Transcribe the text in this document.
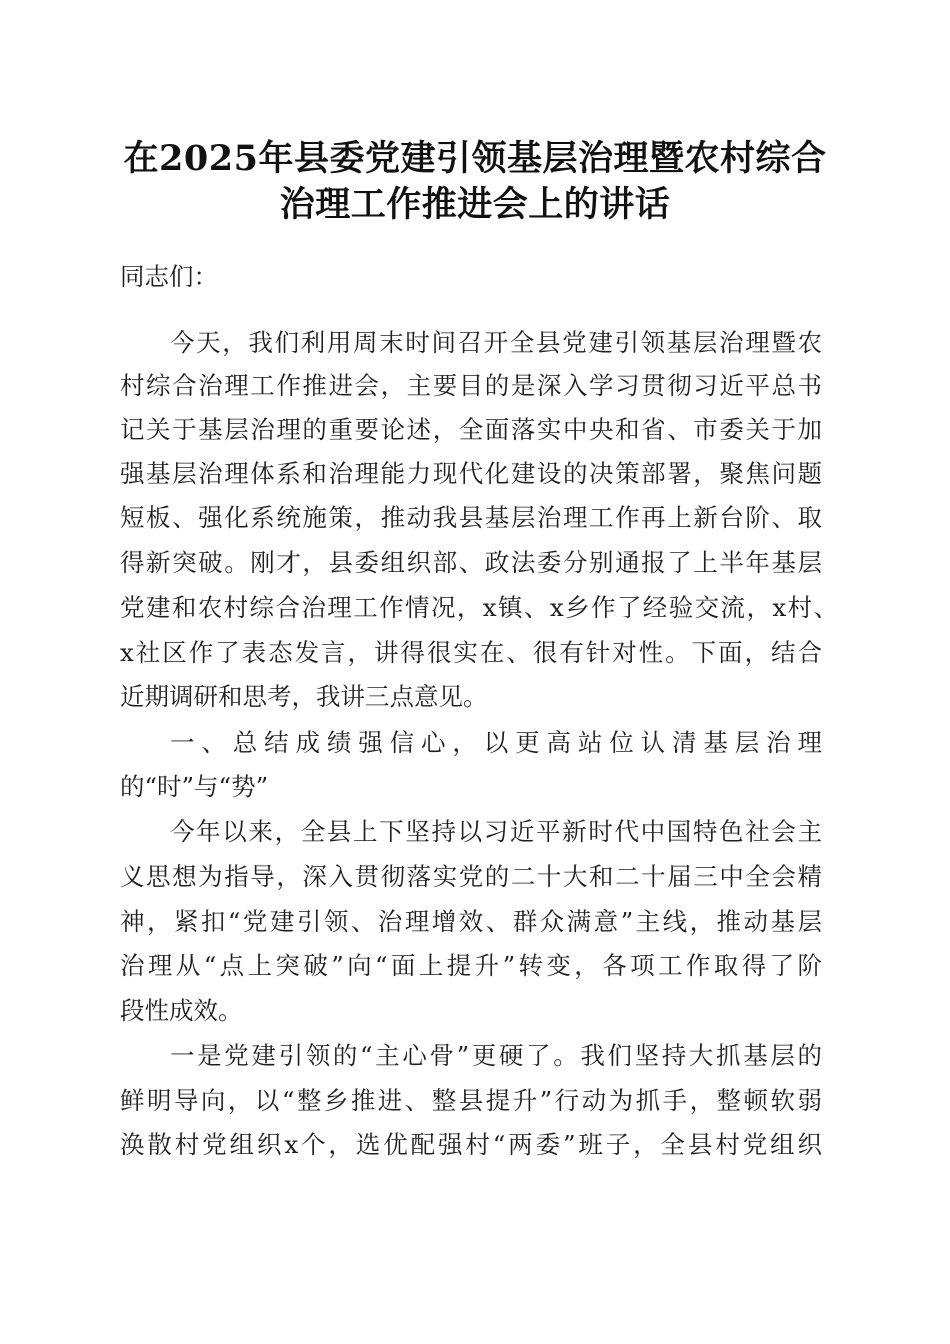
在2025年县委党建引领基层治理暨农村综合
治理工作推进会上的讲话
同志们：
今天，我们利用周末时间召开全县党建引领基层治理暨农
村综合治理工作推进会，主要目的是深入学习贯彻习近平总书
记关于基层治理的重要论述，全面落实中央和省、市委关于加
强基层治理体系和治理能力现代化建设的决策部署，聚焦问题
短板、强化系统施策，推动我县基层治理工作再上新台阶、取
得新突破。刚才，县委组织部、政法委分别通报了上半年基层
党建和农村综合治理工作情况，x镇、x乡作了经验交流，x村、
x社区作了表态发言，讲得很实在、很有针对性。下面，结合
近期调研和思考，我讲三点意见。
一、总结成绩强信心，以更高站位认清基层治理
的“时”与“势”
今年以来，全县上下坚持以习近平新时代中国特色社会主
义思想为指导，深入贯彻落实党的二十大和二十届三中全会精
神，紧扣“党建引领、治理增效、群众满意”主线，推动基层
治理从“点上突破”向“面上提升”转变，各项工作取得了阶
段性成效。
一是党建引领的“主心骨”更硬了。我们坚持大抓基层的
鲜明导向，以“整乡推进、整县提升”行动为抓手，整顿软弱
涣散村党组织x个，选优配强村“两委”班子，全县村党组织
